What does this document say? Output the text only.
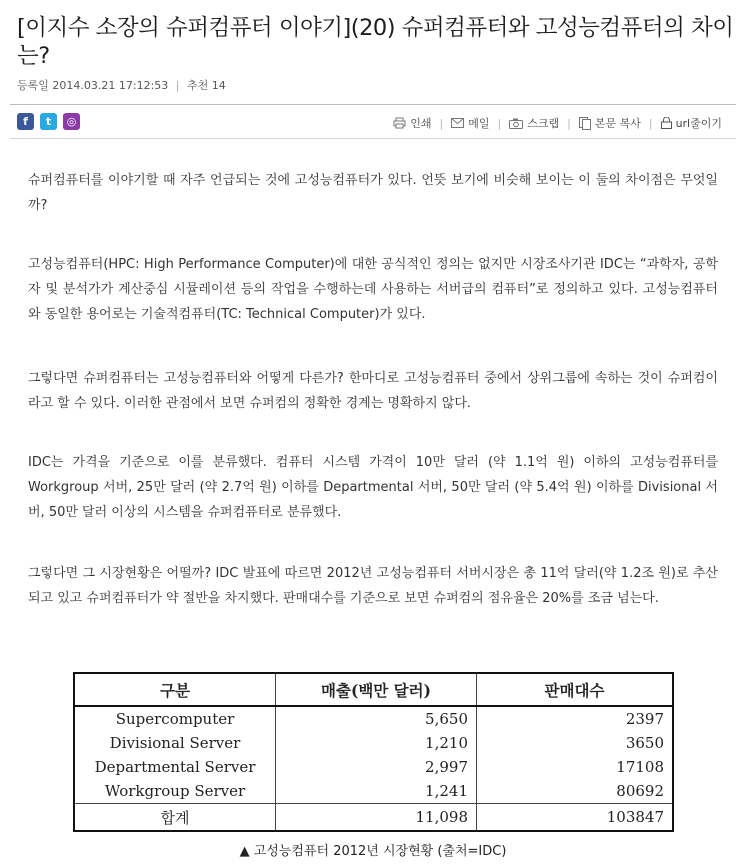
[이지수 소장의 슈퍼컴퓨터 이야기](20) 슈퍼컴퓨터와 고성능컴퓨터의 차이는?
등록일 2014.03.21 17:12:53 | 추천 14
f	t	◎	인쇄 | 메일 | 스크랩 | 본문 복사 | url줄이기

슈퍼컴퓨터를 이야기할 때 자주 언급되는 것에 고성능컴퓨터가 있다. 언뜻 보기에 비슷해 보이는 이 둘의 차이점은 무엇일까?

고성능컴퓨터(HPC: High Performance Computer)에 대한 공식적인 정의는 없지만 시장조사기관 IDC는 “과학자, 공학자 및 분석가가 계산중심 시뮬레이션 등의 작업을 수행하는데 사용하는 서버급의 컴퓨터”로 정의하고 있다. 고성능컴퓨터와 동일한 용어로는 기술적컴퓨터(TC: Technical Computer)가 있다.

그렇다면 슈퍼컴퓨터는 고성능컴퓨터와 어떻게 다른가? 한마디로 고성능컴퓨터 중에서 상위그룹에 속하는 것이 슈퍼컴이라고 할 수 있다. 이러한 관점에서 보면 슈퍼컴의 정확한 경계는 명확하지 않다.

IDC는 가격을 기준으로 이를 분류했다. 컴퓨터 시스템 가격이 10만 달러 (약 1.1억 원) 이하의 고성능컴퓨터를 Workgroup 서버, 25만 달러 (약 2.7억 원) 이하를 Departmental 서버, 50만 달러 (약 5.4억 원) 이하를 Divisional 서버, 50만 달러 이상의 시스템을 슈퍼컴퓨터로 분류했다.

그렇다면 그 시장현황은 어떨까? IDC 발표에 따르면 2012년 고성능컴퓨터 서버시장은 총 11억 달러(약 1.2조 원)로 추산되고 있고 슈퍼컴퓨터가 약 절반을 차지했다. 판매대수를 기준으로 보면 슈퍼컴의 점유율은 20%를 조금 넘는다.

구분	매출(백만 달러)	판매대수
Supercomputer	5,650	2397
Divisional Server	1,210	3650
Departmental Server	2,997	17108
Workgroup Server	1,241	80692
합계	11,098	103847
▲ 고성능컴퓨터 2012년 시장현황 (출처=IDC)
